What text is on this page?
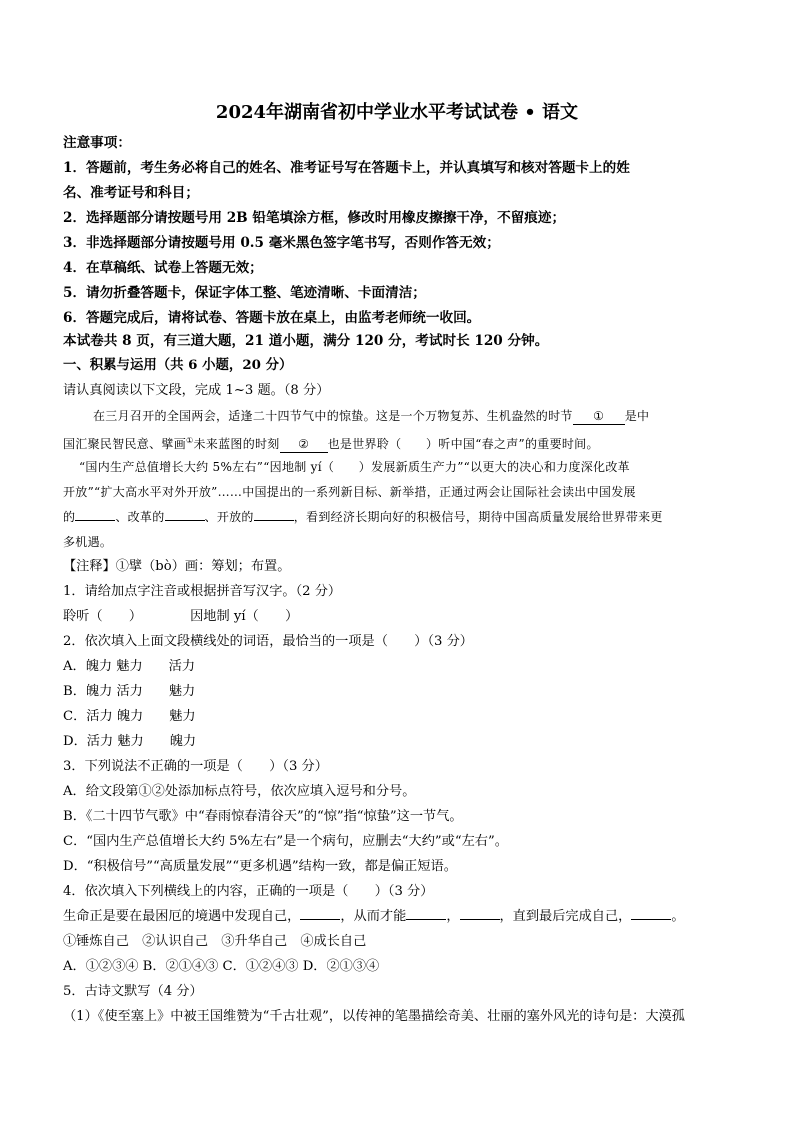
2024年湖南省初中学业水平考试试卷 • 语文
注意事项：
1．答题前，考生务必将自己的姓名、准考证号写在答题卡上，并认真填写和核对答题卡上的姓
名、准考证号和科目；
2．选择题部分请按题号用 2B 铅笔填涂方框，修改时用橡皮擦擦干净，不留痕迹；
3．非选择题部分请按题号用 0.5 毫米黑色签字笔书写，否则作答无效；
4．在草稿纸、试卷上答题无效；
5．请勿折叠答题卡，保证字体工整、笔迹清晰、卡面清洁；
6．答题完成后，请将试卷、答题卡放在桌上，由监考老师统一收回。
本试卷共 8 页，有三道大题，21 道小题，满分 120 分，考试时长 120 分钟。
一、积累与运用（共 6 小题，20 分）
请认真阅读以下文段，完成 1~3 题。（8 分）
在三月召开的全国两会，适逢二十四节气中的惊蛰。这是一个万物复苏、生机盎然的时节 ① 是中
国汇聚民智民意、擘画①未来蓝图的时刻 ② 也是世界聆（　　）听中国“春之声”的重要时间。
“国内生产总值增长大约 5%左右”“因地制 yí（　　）发展新质生产力”“以更大的决心和力度深化改革
开放”“扩大高水平对外开放”……中国提出的一系列新目标、新举措，正通过两会让国际社会读出中国发展
的	、改革的	、开放的	，看到经济长期向好的积极信号，期待中国高质量发展给世界带来更
多机遇。
【注释】①擘（bò）画：筹划；布置。
1．请给加点字注音或根据拼音写汉字。（2 分）
聆听（　　）	因地制 yí（　　）
2．依次填入上面文段横线处的词语，最恰当的一项是（　　）（3 分）
A．魄力 魅力 活力
B．魄力 活力 魅力
C．活力 魄力 魅力
D．活力 魅力 魄力
3．下列说法不正确的一项是（　　）（3 分）
A．给文段第①②处添加标点符号，依次应填入逗号和分号。
B．《二十四节气歌》中“春雨惊春清谷天”的“惊”指“惊蛰”这一节气。
C．“国内生产总值增长大约 5%左右”是一个病句，应删去“大约”或“左右”。
D．“积极信号”“高质量发展”“更多机遇”结构一致，都是偏正短语。
4．依次填入下列横线上的内容，正确的一项是（　　）（3 分）
生命正是要在最困厄的境遇中发现自己，	，从而才能	，	，直到最后完成自己，	。
①锤炼自己　②认识自己　③升华自己　④成长自己
A．①②③④ B．②①④③ C．①②④③ D．②①③④
5．古诗文默写（4 分）
（1）《使至塞上》中被王国维赞为“千古壮观”，以传神的笔墨描绘奇美、壮丽的塞外风光的诗句是：大漠孤
